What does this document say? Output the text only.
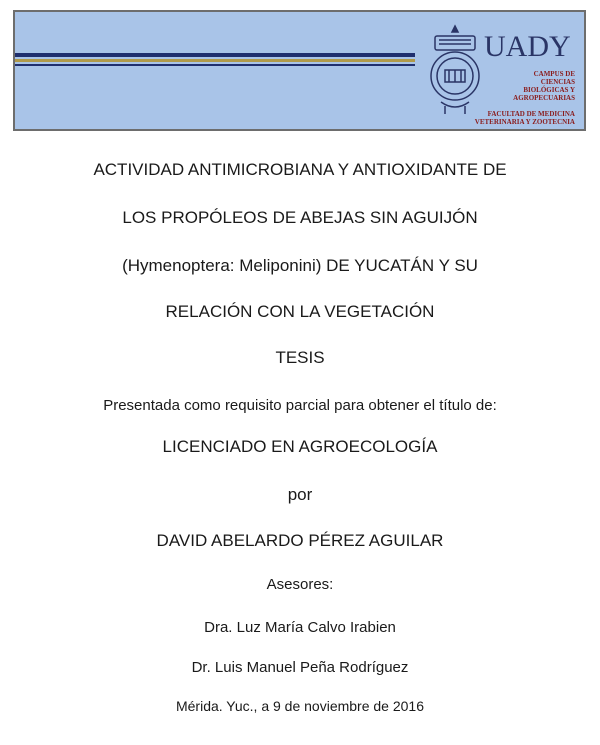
UADY
CAMPUS DE
CIENCIAS
BIOLÓGICAS Y
AGROPECUARIAS
FACULTAD DE MEDICINA
VETERINARIA Y ZOOTECNIA
ACTIVIDAD ANTIMICROBIANA Y ANTIOXIDANTE DE
LOS PROPÓLEOS DE ABEJAS SIN AGUIJÓN
(Hymenoptera: Meliponini) DE YUCATÁN Y SU
RELACIÓN CON LA VEGETACIÓN
TESIS
Presentada como requisito parcial para obtener el título de:
LICENCIADO EN AGROECOLOGÍA
por
DAVID ABELARDO PÉREZ AGUILAR
Asesores:
Dra. Luz María Calvo Irabien
Dr. Luis Manuel Peña Rodríguez
Mérida. Yuc., a 9 de noviembre de 2016
